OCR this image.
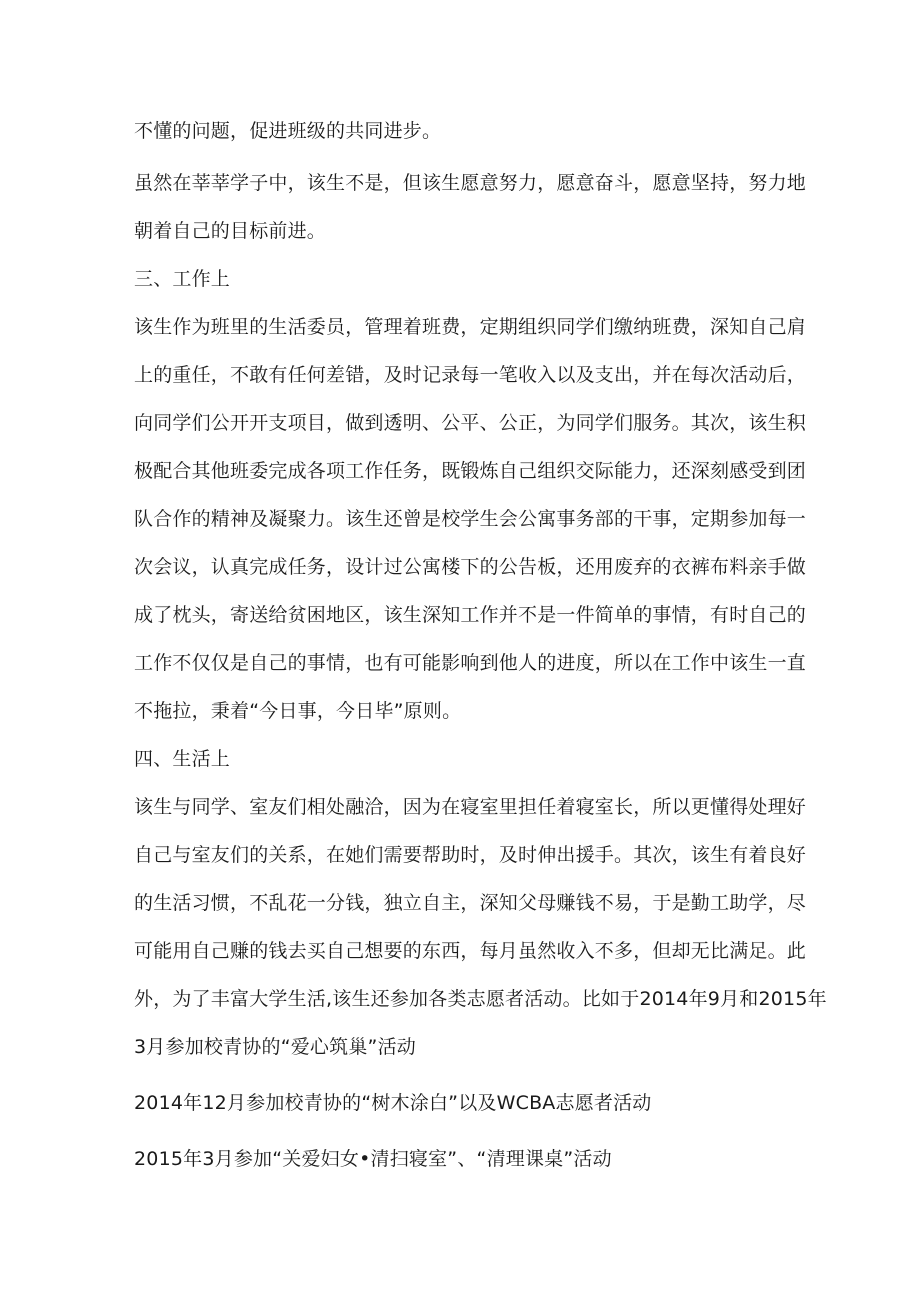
不懂的问题，促进班级的共同进步。

虽然在莘莘学子中，该生不是，但该生愿意努力，愿意奋斗，愿意坚持，努力地

朝着自己的目标前进。

三、工作上

该生作为班里的生活委员，管理着班费，定期组织同学们缴纳班费，深知自己肩

上的重任，不敢有任何差错，及时记录每一笔收入以及支出，并在每次活动后，

向同学们公开开支项目，做到透明、公平、公正，为同学们服务。其次，该生积

极配合其他班委完成各项工作任务，既锻炼自己组织交际能力，还深刻感受到团

队合作的精神及凝聚力。该生还曾是校学生会公寓事务部的干事，定期参加每一

次会议，认真完成任务，设计过公寓楼下的公告板，还用废弃的衣裤布料亲手做

成了枕头，寄送给贫困地区，该生深知工作并不是一件简单的事情，有时自己的

工作不仅仅是自己的事情，也有可能影响到他人的进度，所以在工作中该生一直

不拖拉，秉着“今日事，今日毕”原则。

四、生活上

该生与同学、室友们相处融洽，因为在寝室里担任着寝室长，所以更懂得处理好

自己与室友们的关系，在她们需要帮助时，及时伸出援手。其次，该生有着良好

的生活习惯，不乱花一分钱，独立自主，深知父母赚钱不易，于是勤工助学，尽

可能用自己赚的钱去买自己想要的东西，每月虽然收入不多，但却无比满足。此

外，为了丰富大学生活,该生还参加各类志愿者活动。比如于2014年9月和2015年

3月参加校青协的“爱心筑巢”活动

2014年12月参加校青协的“树木涂白”以及WCBA志愿者活动

2015年3月参加“关爱妇女•清扫寝室”、“清理课桌”活动
